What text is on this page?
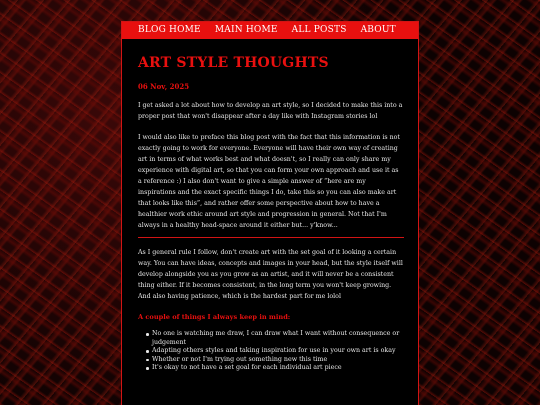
BLOG HOME MAIN HOME ALL POSTS ABOUT
ART STYLE THOUGHTS
06 Nov, 2025

I get asked a lot about how to develop an art style, so I decided to make this into a proper post that won't disappear after a day like with Instagram stories lol

I would also like to preface this blog post with the fact that this information is not exactly going to work for everyone. Everyone will have their own way of creating art in terms of what works best and what doesn't, so I really can only share my experience with digital art, so that you can form your own approach and use it as a reference :) I also don't want to give a simple answer of “here are my inspirations and the exact specific things I do, take this so you can also make art that looks like this”, and rather offer some perspective about how to have a healthier work ethic around art style and progression in general. Not that I'm always in a healthy head-space around it either but... y'know...

As I general rule I follow, don't create art with the set goal of it looking a certain way. You can have ideas, concepts and images in your head, but the style itself will develop alongside you as you grow as an artist, and it will never be a consistent thing either. If it becomes consistent, in the long term you won't keep growing. And also having patience, which is the hardest part for me lolol

A couple of things I always keep in mind:
No one is watching me draw, I can draw what I want without consequence or judgement
Adapting others styles and taking inspiration for use in your own art is okay
Whether or not I'm trying out something new this time
It's okay to not have a set goal for each individual art piece
